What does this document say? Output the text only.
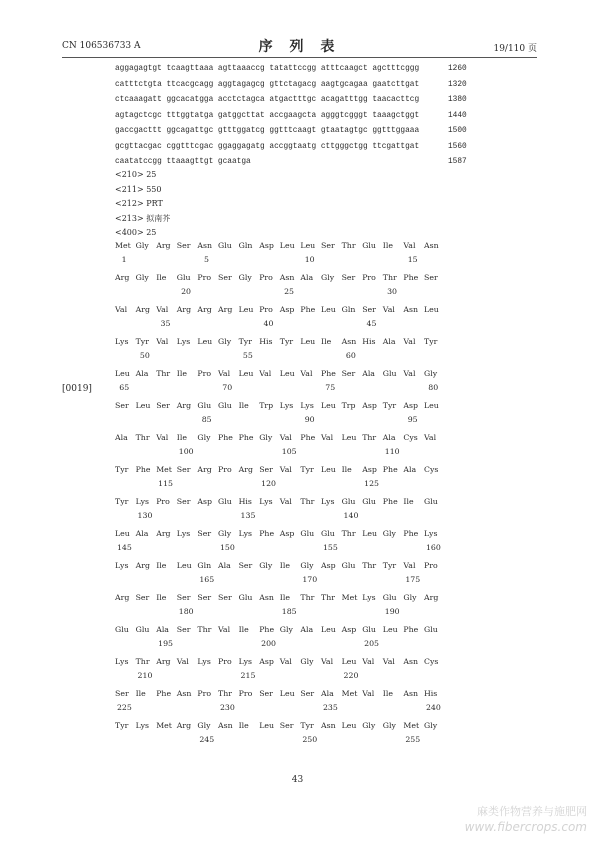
CN 106536733 A	序 列 表	19/110 页
aggagagtgt tcaagttaaa agttaaaccg tatattccgg atttcaagct agctttcggg	1260
catttctgta ttcacgcagg aggtagagcg gttctagacg aagtgcagaa gaatcttgat	1320
ctcaaagatt ggcacatgga acctctagca atgactttgc acagatttgg taacacttcg	1380
agtagctcgc tttggtatga gatggcttat accgaagcta agggtcgggt taaagctggt	1440
gaccgacttt ggcagattgc gtttggatcg ggtttcaagt gtaatagtgc ggtttggaaa	1500
gcgttacgac cggtttcgac ggaggagatg accggtaatg cttgggctgg ttcgattgat	1560
caatatccgg ttaaagttgt gcaatga	1587
<210> 25
<211> 550
<212> PRT
<213> 拟南芥
<400> 25
[0019]
Met Gly Arg Ser Asn Glu Gln Asp Leu Leu Ser Thr Glu Ile Val Asn
1	5	10	15
Arg Gly Ile Glu Pro Ser Gly Pro Asn Ala Gly Ser Pro Thr Phe Ser
20	25	30
Val Arg Val Arg Arg Arg Leu Pro Asp Phe Leu Gln Ser Val Asn Leu
35	40	45
Lys Tyr Val Lys Leu Gly Tyr His Tyr Leu Ile Asn His Ala Val Tyr
50	55	60
Leu Ala Thr Ile Pro Val Leu Val Leu Val Phe Ser Ala Glu Val Gly
65	70	75	80
Ser Leu Ser Arg Glu Glu Ile Trp Lys Lys Leu Trp Asp Tyr Asp Leu
85	90	95
Ala Thr Val Ile Gly Phe Phe Gly Val Phe Val Leu Thr Ala Cys Val
100	105	110
Tyr Phe Met Ser Arg Pro Arg Ser Val Tyr Leu Ile Asp Phe Ala Cys
115	120	125
Tyr Lys Pro Ser Asp Glu His Lys Val Thr Lys Glu Glu Phe Ile Glu
130	135	140
Leu Ala Arg Lys Ser Gly Lys Phe Asp Glu Glu Thr Leu Gly Phe Lys
145	150	155	160
Lys Arg Ile Leu Gln Ala Ser Gly Ile Gly Asp Glu Thr Tyr Val Pro
165	170	175
Arg Ser Ile Ser Ser Ser Glu Asn Ile Thr Thr Met Lys Glu Gly Arg
180	185	190
Glu Glu Ala Ser Thr Val Ile Phe Gly Ala Leu Asp Glu Leu Phe Glu
195	200	205
Lys Thr Arg Val Lys Pro Lys Asp Val Gly Val Leu Val Val Asn Cys
210	215	220
Ser Ile Phe Asn Pro Thr Pro Ser Leu Ser Ala Met Val Ile Asn His
225	230	235	240
Tyr Lys Met Arg Gly Asn Ile Leu Ser Tyr Asn Leu Gly Gly Met Gly
245	250	255
43
麻类作物营养与施肥网
www.fibercrops.com
